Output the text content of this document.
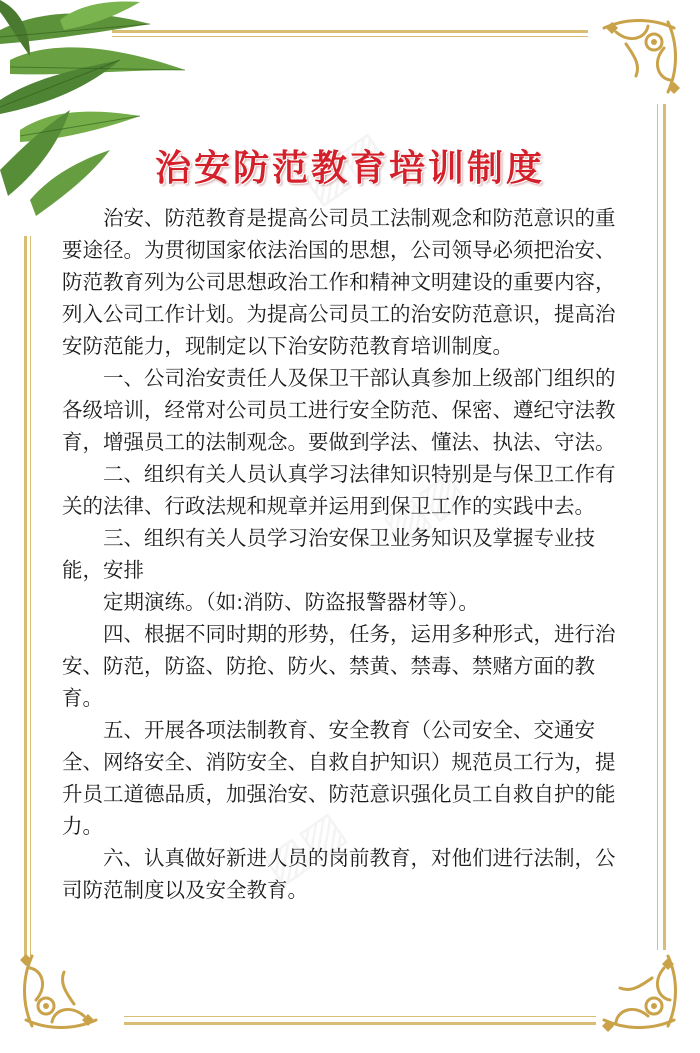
治安防范教育培训制度

治安、防范教育是提高公司员工法制观念和防范意识的重要途径。为贯彻国家依法治国的思想，公司领导必须把治安、防范教育列为公司思想政治工作和精神文明建设的重要内容，列入公司工作计划。为提高公司员工的治安防范意识，提高治安防范能力，现制定以下治安防范教育培训制度。

一、公司治安责任人及保卫干部认真参加上级部门组织的各级培训，经常对公司员工进行安全防范、保密、遵纪守法教育，增强员工的法制观念。要做到学法、懂法、执法、守法。

二、组织有关人员认真学习法律知识特别是与保卫工作有关的法律、行政法规和规章并运用到保卫工作的实践中去。

三、组织有关人员学习治安保卫业务知识及掌握专业技能，安排

定期演练。（如:消防、防盗报警器材等）。

四、根据不同时期的形势，任务，运用多种形式，进行治安、防范，防盗、防抢、防火、禁黄、禁毒、禁赌方面的教育。

五、开展各项法制教育、安全教育（公司安全、交通安全、网络安全、消防安全、自救自护知识）规范员工行为，提升员工道德品质，加强治安、防范意识强化员工自救自护的能力。

六、认真做好新进人员的岗前教育，对他们进行法制，公司防范制度以及安全教育。
